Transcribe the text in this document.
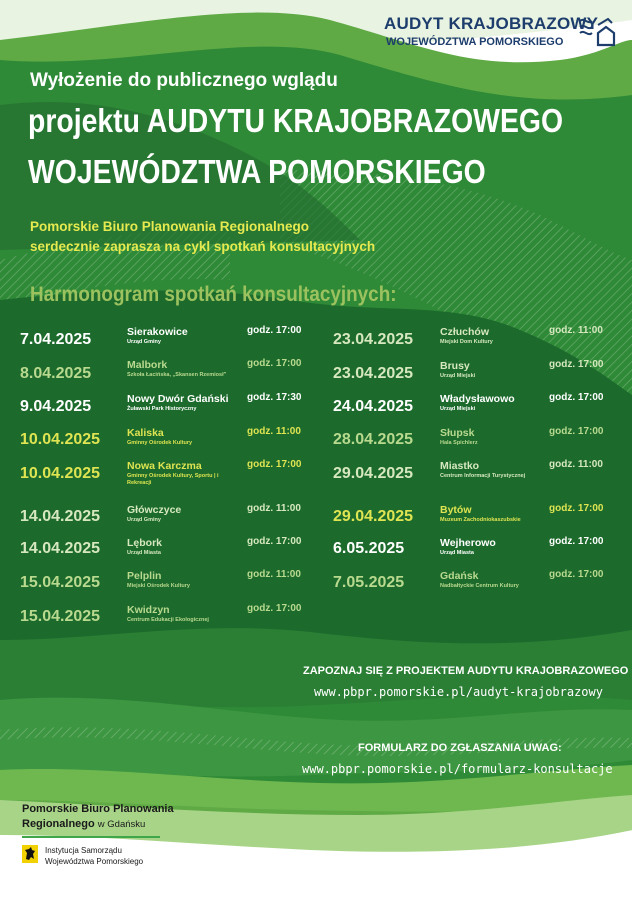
AUDYT KRAJOBRAZOWY
WOJEWÓDZTWA POMORSKIEGO
Wyłożenie do publicznego wglądu
projektu AUDYTU KRAJOBRAZOWEGO
WOJEWÓDZTWA POMORSKIEGO
Pomorskie Biuro Planowania Regionalnego
serdecznie zaprasza na cykl spotkań konsultacyjnych
Harmonogram spotkań konsultacyjnych:
7.04.2025	Sierakowice
Urząd Gminy
godz. 17:00
8.04.2025	Malbork
Szkoła Łacińska, „Skansen Rzemiosł”
godz. 17:00
9.04.2025	Nowy Dwór Gdański
Żuławski Park Historyczny
godz. 17:30
10.04.2025	Kaliska
Gminny Ośrodek Kultury
godz. 11:00
10.04.2025	Nowa Karczma
Gminny Ośrodek Kultury, Sportu | i Rekreacji
godz. 17:00
14.04.2025	Główczyce
Urząd Gminy
godz. 11:00
14.04.2025	Lębork
Urząd Miasta
godz. 17:00
15.04.2025	Pelplin
Miejski Ośrodek Kultury
godz. 11:00
15.04.2025	Kwidzyn
Centrum Edukacji Ekologicznej
godz. 17:00
23.04.2025	Człuchów
Miejski Dom Kultury
godz. 11:00
23.04.2025	Brusy
Urząd Miejski
godz. 17:00
24.04.2025	Władysławowo
Urząd Miejski
godz. 17:00
28.04.2025	Słupsk
Hala Spichlerz
godz. 17:00
29.04.2025	Miastko
Centrum Informacji Turystycznej
godz. 11:00
29.04.2025	Bytów
Muzeum Zachodniokaszubskie
godz. 17:00
6.05.2025	Wejherowo
Urząd Miasta
godz. 17:00
7.05.2025	Gdańsk
Nadbałtyckie Centrum Kultury
godz. 17:00
ZAPOZNAJ SIĘ Z PROJEKTEM AUDYTU KRAJOBRAZOWEGO
www.pbpr.pomorskie.pl/audyt-krajobrazowy
FORMULARZ DO ZGŁASZANIA UWAG:
www.pbpr.pomorskie.pl/formularz-konsultacje
Pomorskie Biuro Planowania
Regionalnego w Gdańsku
Instytucja Samorządu
Województwa Pomorskiego
